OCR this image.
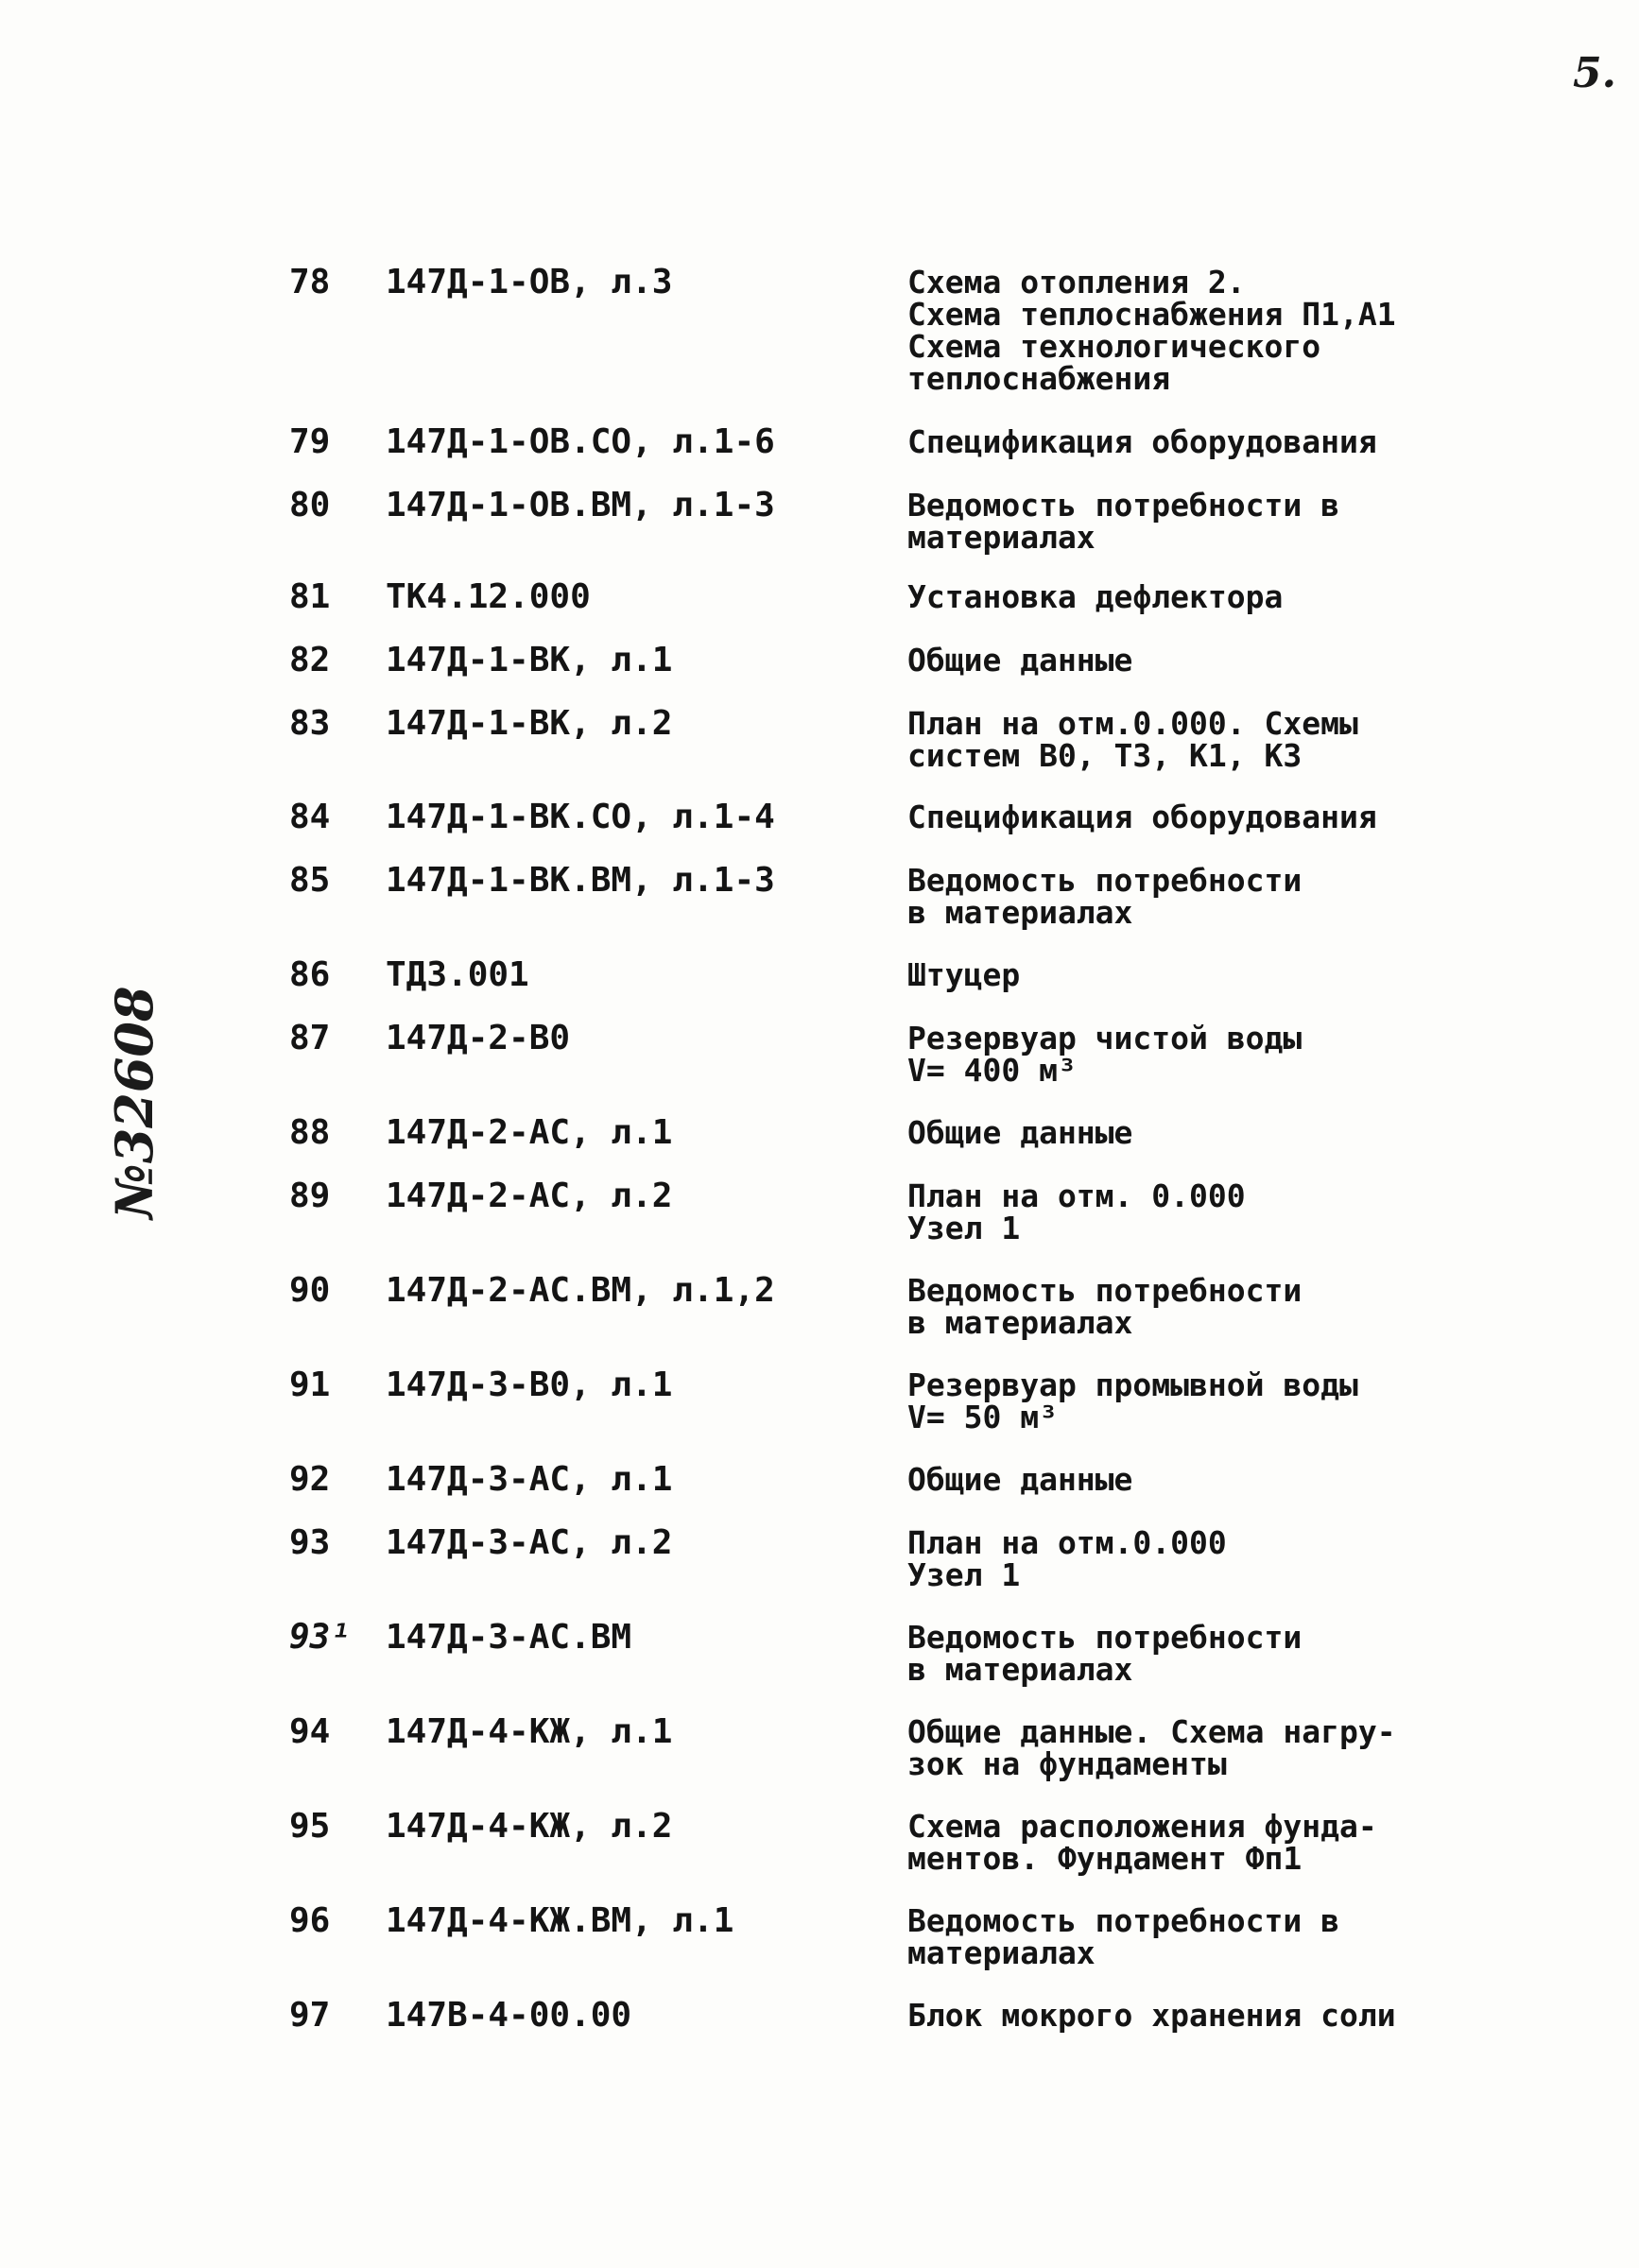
5.
№32608
78	147Д-1-ОВ, л.3	Схема отопления 2.
Схема теплоснабжения П1,А1
Схема технологического
теплоснабжения
79	147Д-1-ОВ.СО, л.1-6	Спецификация оборудования
80	147Д-1-ОВ.ВМ, л.1-3	Ведомость потребности в
материалах
81	ТК4.12.000	Установка дефлектора
82	147Д-1-ВК, л.1	Общие данные
83	147Д-1-ВК, л.2	План на отм.0.000. Схемы
систем В0, Т3, К1, К3
84	147Д-1-ВК.СО, л.1-4	Спецификация оборудования
85	147Д-1-ВК.ВМ, л.1-3	Ведомость потребности
в материалах
86	ТД3.001	Штуцер
87	147Д-2-В0	Резервуар чистой воды
V= 400 м³
88	147Д-2-АС, л.1	Общие данные
89	147Д-2-АС, л.2	План на отм. 0.000
Узел 1
90	147Д-2-АС.ВМ, л.1,2	Ведомость потребности
в материалах
91	147Д-3-В0, л.1	Резервуар промывной воды
V= 50 м³
92	147Д-3-АС, л.1	Общие данные
93	147Д-3-АС, л.2	План на отм.0.000
Узел 1
93¹ 147Д-3-АС.ВМ	Ведомость потребности
в материалах
94	147Д-4-КЖ, л.1	Общие данные. Схема нагру-
зок на фундаменты
95	147Д-4-КЖ, л.2	Схема расположения фунда-
ментов. Фундамент Фп1
96	147Д-4-КЖ.ВМ, л.1	Ведомость потребности в
материалах
97	147В-4-00.00	Блок мокрого хранения соли
